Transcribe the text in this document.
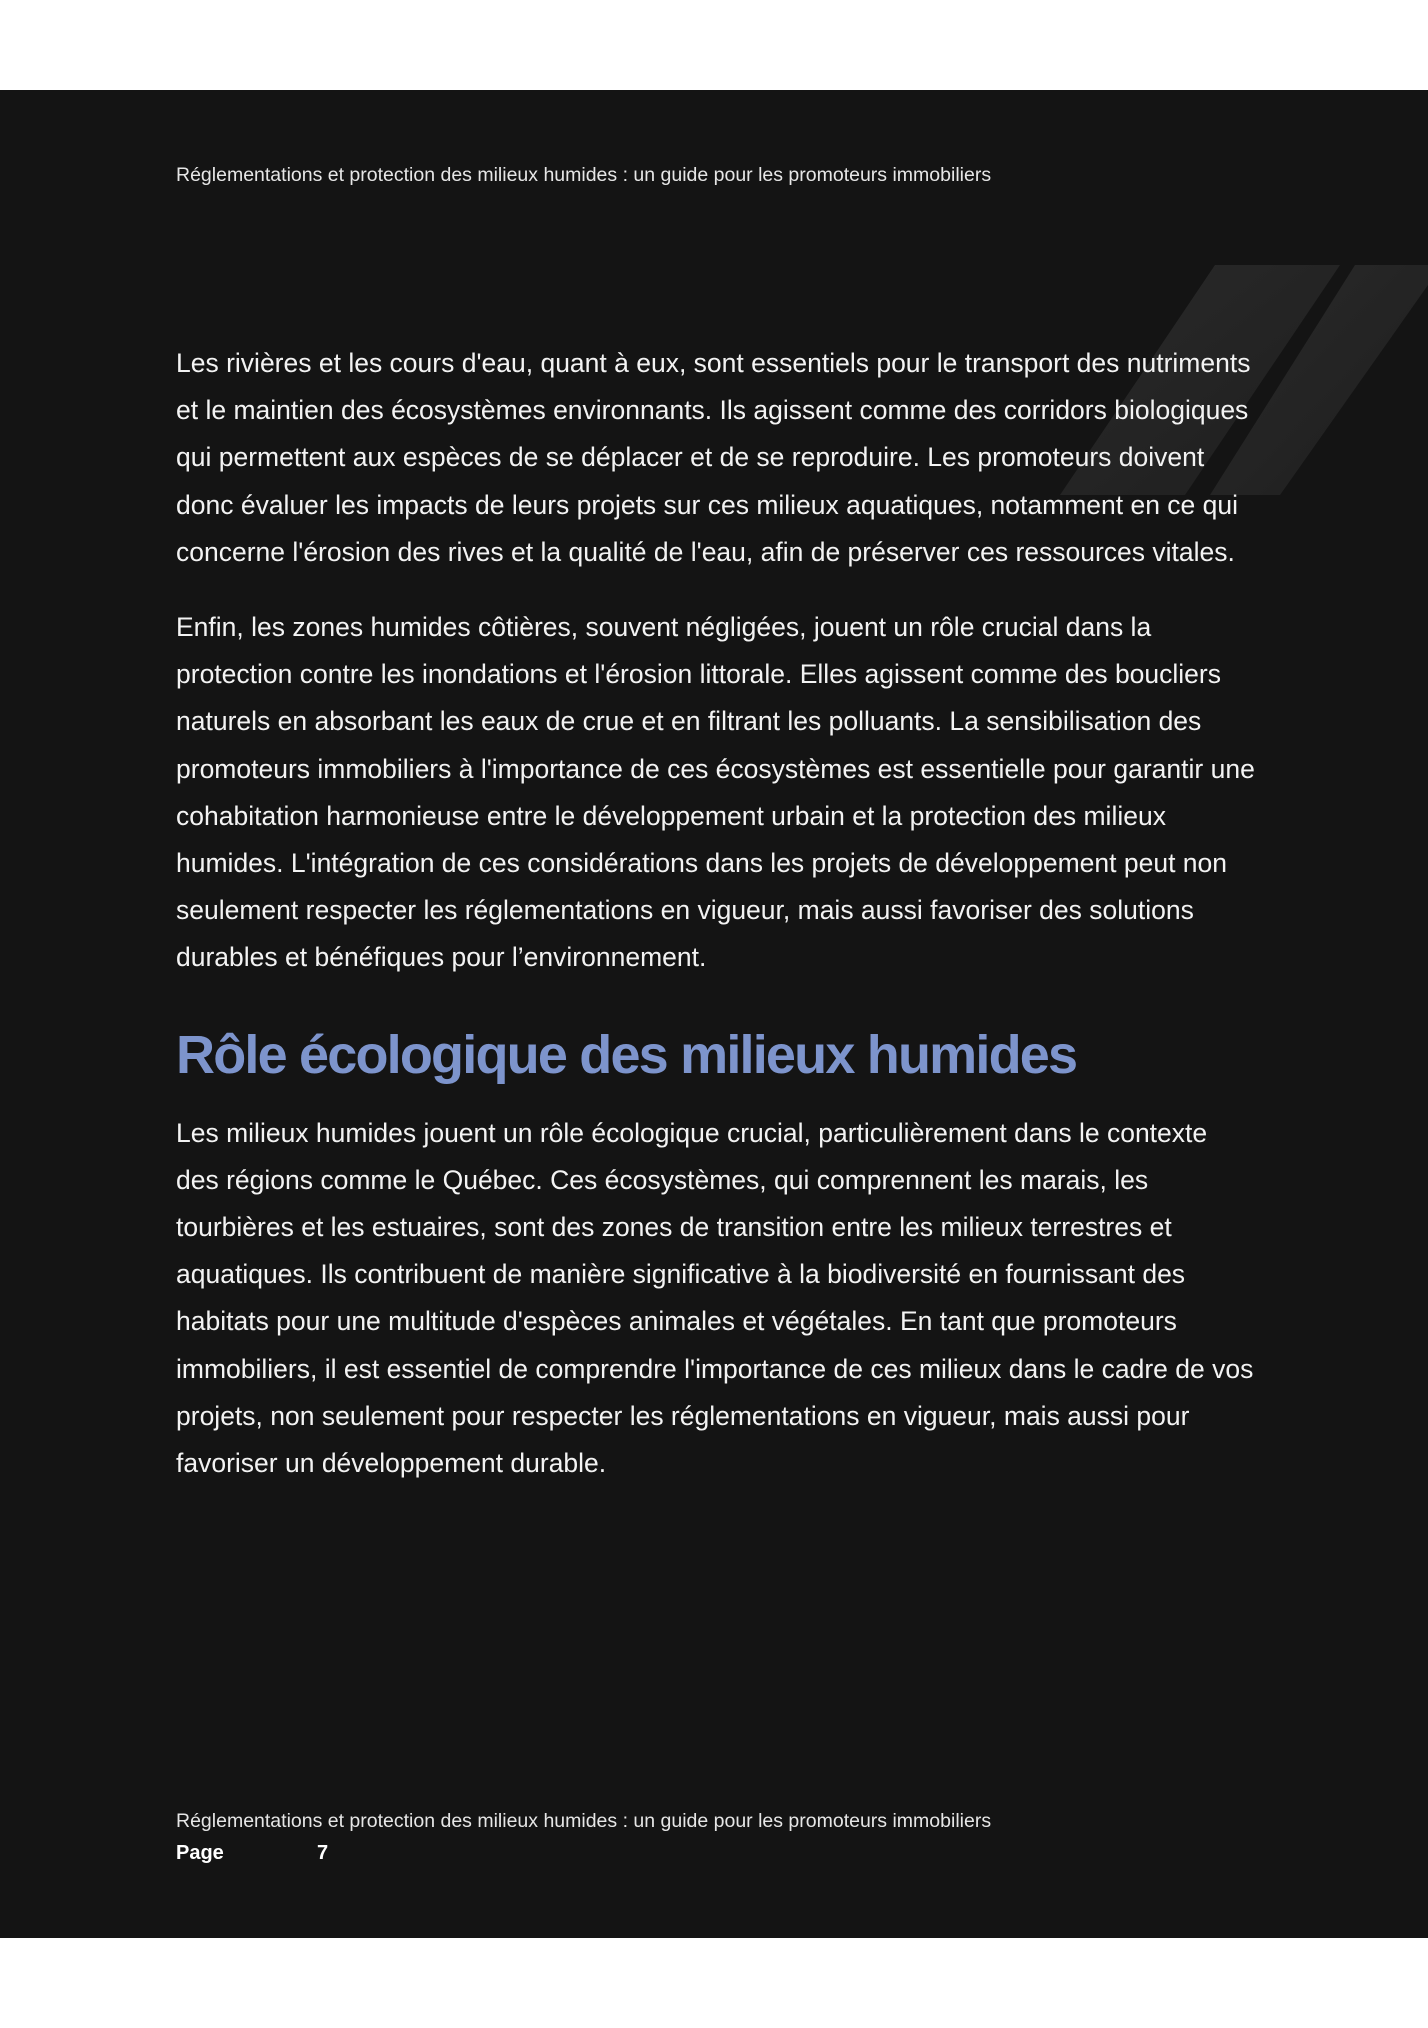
Réglementations et protection des milieux humides : un guide pour les promoteurs immobiliers

Les rivières et les cours d'eau, quant à eux, sont essentiels pour le transport des nutriments et le maintien des écosystèmes environnants. Ils agissent comme des corridors biologiques qui permettent aux espèces de se déplacer et de se reproduire. Les promoteurs doivent donc évaluer les impacts de leurs projets sur ces milieux aquatiques, notamment en ce qui concerne l'érosion des rives et la qualité de l'eau, afin de préserver ces ressources vitales.

Enfin, les zones humides côtières, souvent négligées, jouent un rôle crucial dans la protection contre les inondations et l'érosion littorale. Elles agissent comme des boucliers naturels en absorbant les eaux de crue et en filtrant les polluants. La sensibilisation des promoteurs immobiliers à l'importance de ces écosystèmes est essentielle pour garantir une cohabitation harmonieuse entre le développement urbain et la protection des milieux humides. L'intégration de ces considérations dans les projets de développement peut non seulement respecter les réglementations en vigueur, mais aussi favoriser des solutions durables et bénéfiques pour l’environnement.

Rôle écologique des milieux humides

Les milieux humides jouent un rôle écologique crucial, particulièrement dans le contexte des régions comme le Québec. Ces écosystèmes, qui comprennent les marais, les tourbières et les estuaires, sont des zones de transition entre les milieux terrestres et aquatiques. Ils contribuent de manière significative à la biodiversité en fournissant des habitats pour une multitude d'espèces animales et végétales. En tant que promoteurs immobiliers, il est essentiel de comprendre l'importance de ces milieux dans le cadre de vos projets, non seulement pour respecter les réglementations en vigueur, mais aussi pour favoriser un développement durable.

Réglementations et protection des milieux humides : un guide pour les promoteurs immobiliers
Page	7
